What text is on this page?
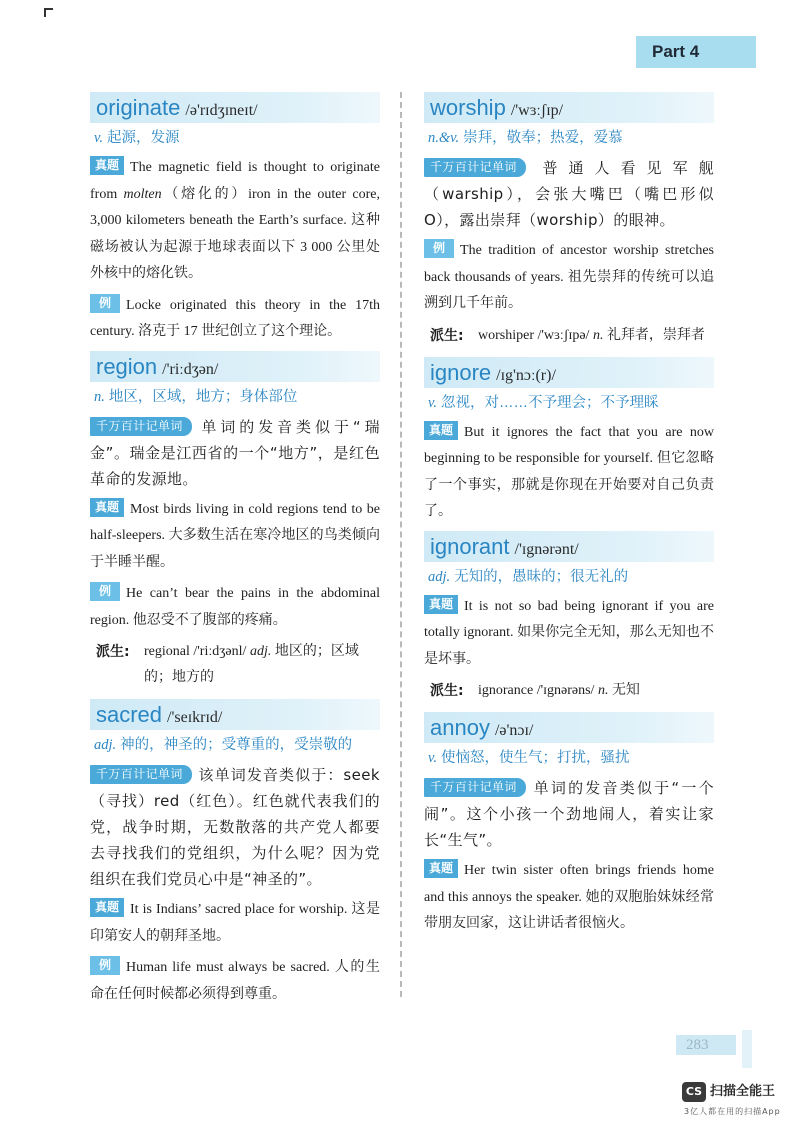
Part 4
originate /ə'rɪdʒɪneɪt/
v. 起源，发源

真题 The magnetic field is thought to originate from molten（熔化的）iron in the outer core, 3,000 kilometers beneath the Earth’s surface. 这种磁场被认为起源于地球表面以下 3 000 公里处外核中的熔化铁。

例 Locke originated this theory in the 17th century. 洛克于 17 世纪创立了这个理论。

region /'riːdʒən/
n. 地区，区域，地方；身体部位

千万百计记单词 单词的发音类似于“瑞金”。瑞金是江西省的一个“地方”，是红色革命的发源地。

真题 Most birds living in cold regions tend to be half-sleepers. 大多数生活在寒冷地区的鸟类倾向于半睡半醒。

例 He can’t bear the pains in the abdominal region. 他忍受不了腹部的疼痛。

派生:	regional /'riːdʒənl/ adj. 地区的；区域的；地方的
sacred /'seɪkrɪd/
adj. 神的，神圣的；受尊重的，受崇敬的

千万百计记单词 该单词发音类似于：seek（寻找）red（红色）。红色就代表我们的党，战争时期，无数散落的共产党人都要去寻找我们的党组织，为什么呢？因为党组织在我们党员心中是“神圣的”。

真题 It is Indians’ sacred place for worship. 这是印第安人的朝拜圣地。

例 Human life must always be sacred. 人的生命在任何时候都必须得到尊重。

worship /'wɜːʃɪp/
n.&v. 崇拜，敬奉；热爱，爱慕

千万百计记单词 普通人看见军舰（warship），会张大嘴巴（嘴巴形似 O），露出崇拜（worship）的眼神。

例 The tradition of ancestor worship stretches back thousands of years. 祖先崇拜的传统可以追溯到几千年前。

派生:	worshiper /'wɜːʃɪpə/ n. 礼拜者，崇拜者
ignore /ɪg'nɔː(r)/
v. 忽视，对……不予理会；不予理睬

真题 But it ignores the fact that you are now beginning to be responsible for yourself. 但它忽略了一个事实，那就是你现在开始要对自己负责了。

ignorant /'ɪgnərənt/
adj. 无知的，愚昧的；很无礼的

真题 It is not so bad being ignorant if you are totally ignorant. 如果你完全无知，那么无知也不是坏事。

派生:	ignorance /'ɪgnərəns/ n. 无知
annoy /ə'nɔɪ/
v. 使恼怒，使生气；打扰，骚扰

千万百计记单词 单词的发音类似于“一个闹”。这个小孩一个劲地闹人，着实让家长“生气”。

真题 Her twin sister often brings friends home and this annoys the speaker. 她的双胞胎妹妹经常带朋友回家，这让讲话者很恼火。

283
CS 扫描全能王
3亿人都在用的扫描App
